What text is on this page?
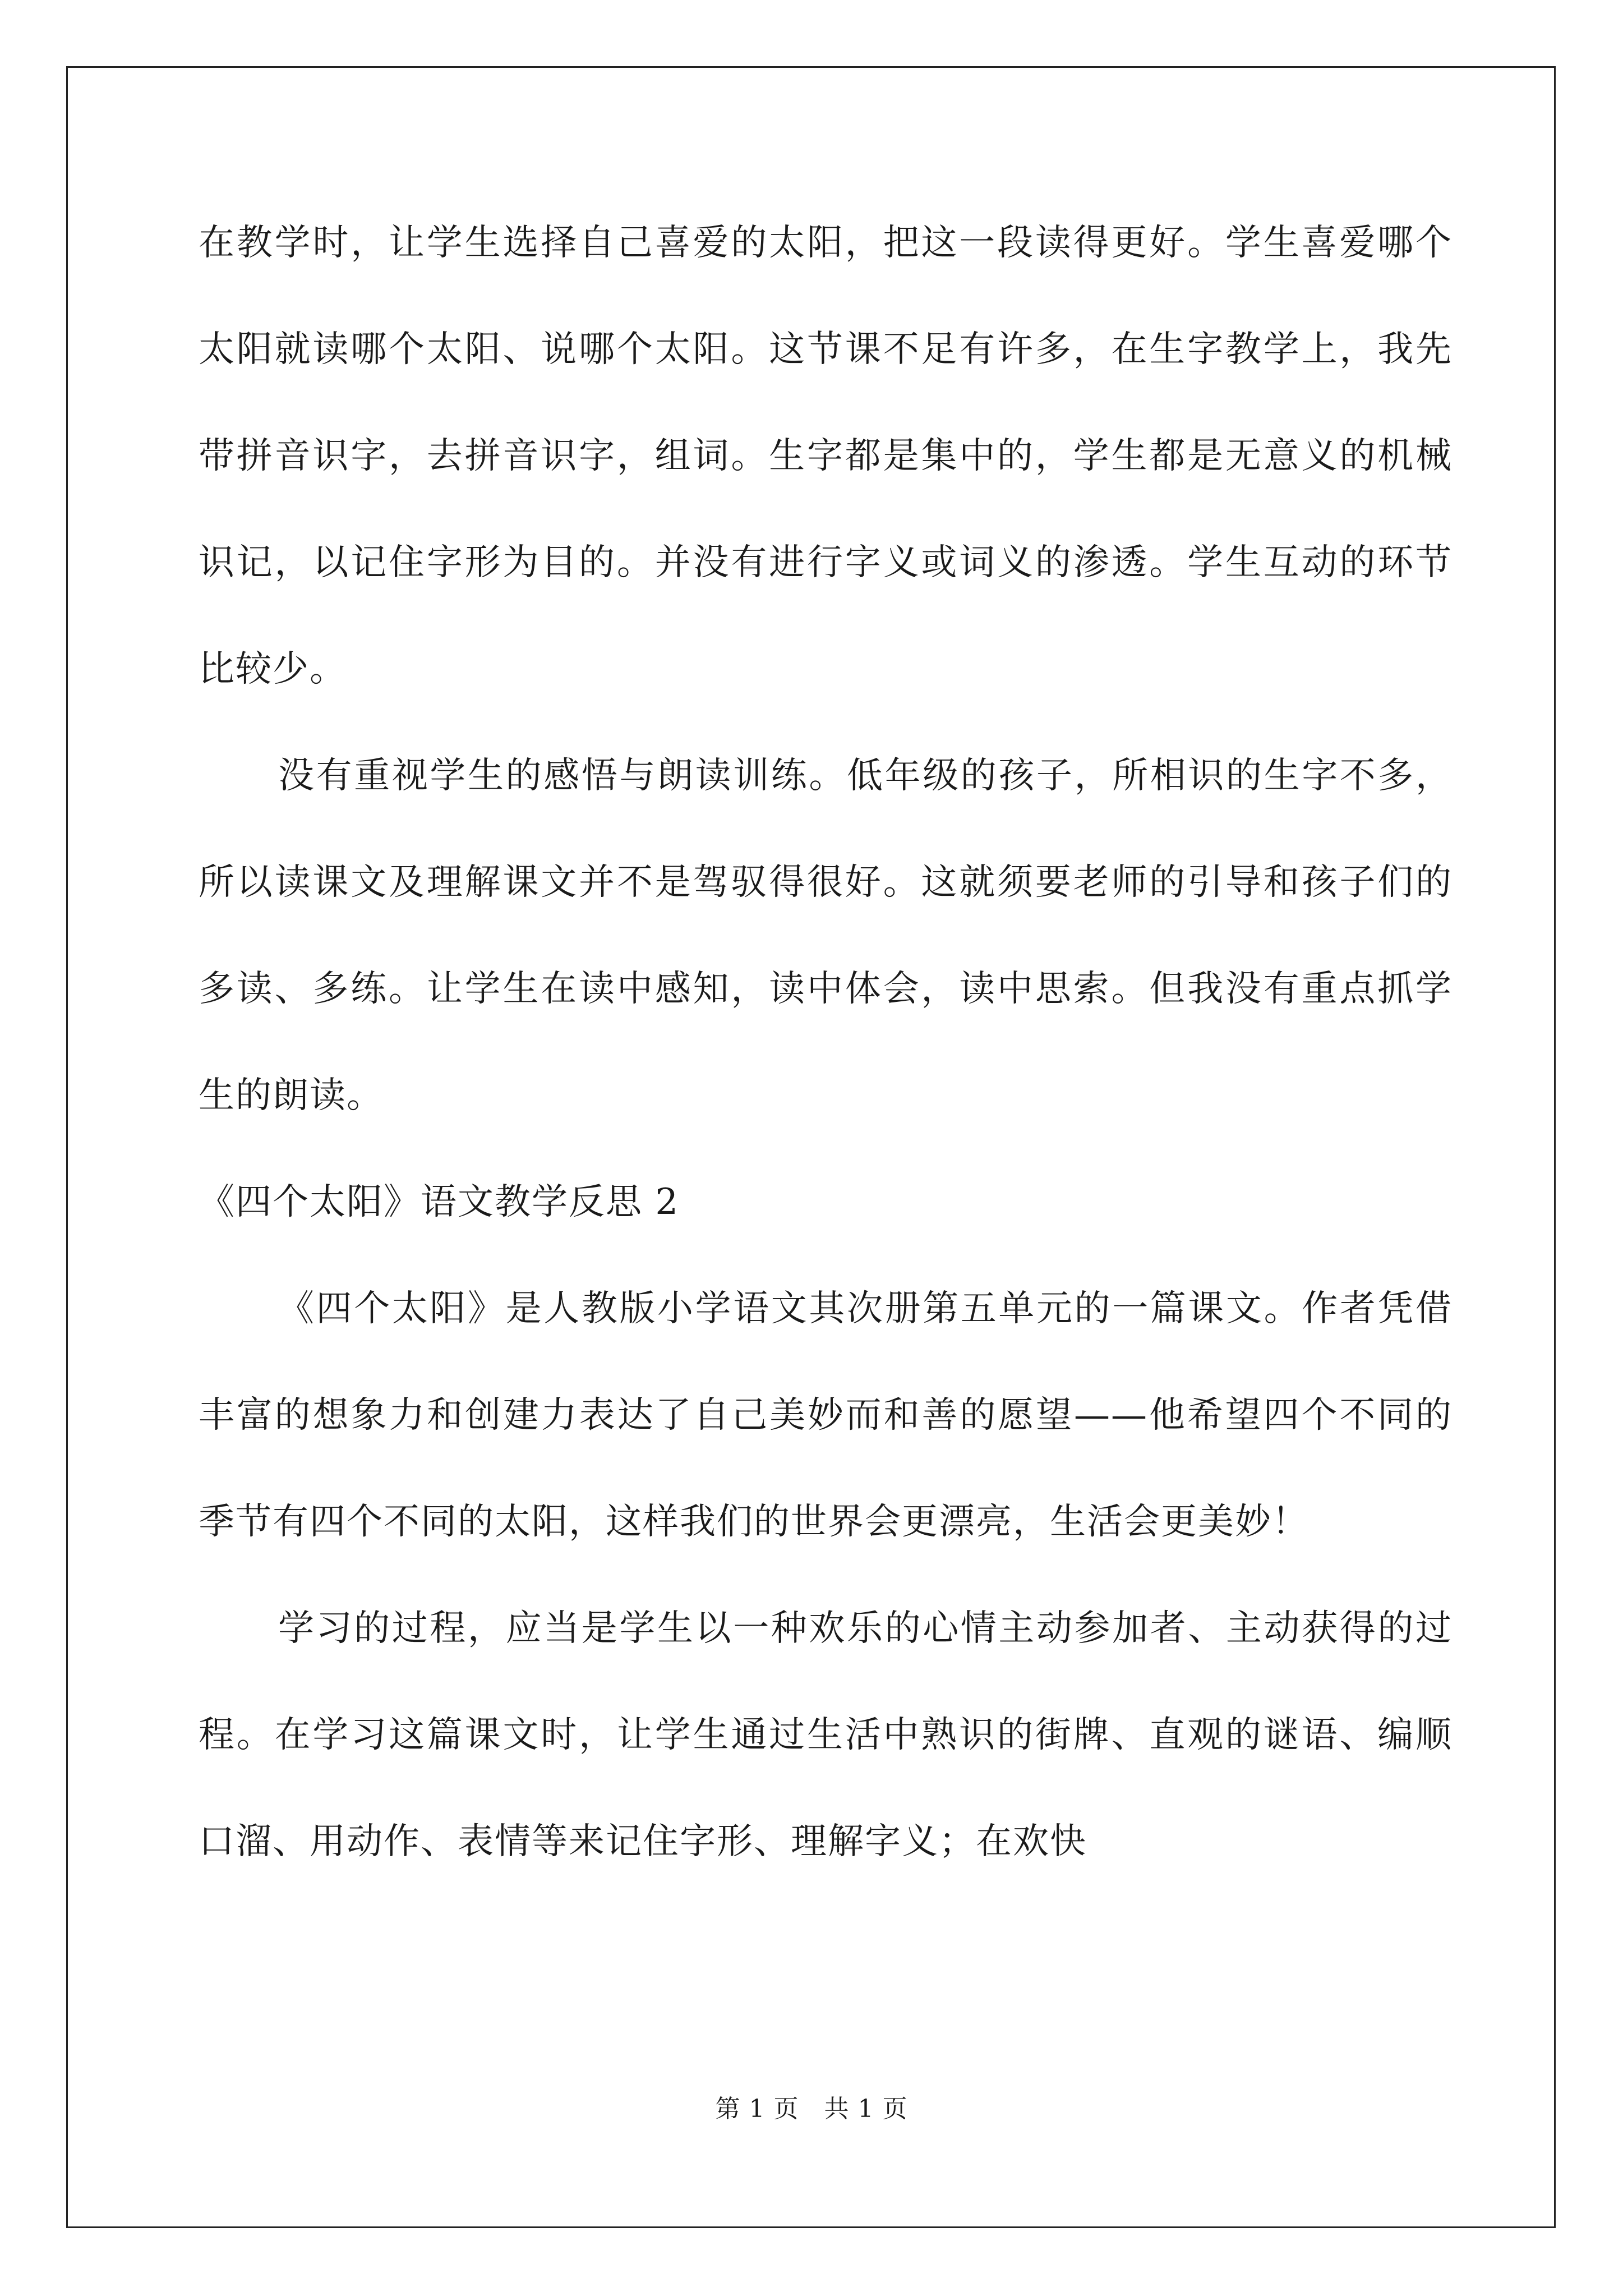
在教学时，让学生选择自己喜爱的太阳，把这一段读得更好。学生喜爱哪个太阳就读哪个太阳、说哪个太阳。这节课不足有许多，在生字教学上，我先带拼音识字，去拼音识字，组词。生字都是集中的，学生都是无意义的机械识记，以记住字形为目的。并没有进行字义或词义的渗透。学生互动的环节比较少。

没有重视学生的感悟与朗读训练。低年级的孩子，所相识的生字不多，所以读课文及理解课文并不是驾驭得很好。这就须要老师的引导和孩子们的多读、多练。让学生在读中感知，读中体会，读中思索。但我没有重点抓学生的朗读。

《四个太阳》语文教学反思 2

《四个太阳》是人教版小学语文其次册第五单元的一篇课文。作者凭借丰富的想象力和创建力表达了自己美妙而和善的愿望——他希望四个不同的季节有四个不同的太阳，这样我们的世界会更漂亮，生活会更美妙！

学习的过程，应当是学生以一种欢乐的心情主动参加者、主动获得的过程。在学习这篇课文时，让学生通过生活中熟识的街牌、直观的谜语、编顺口溜、用动作、表情等来记住字形、理解字义；在欢快

第 1 页　共 1 页
